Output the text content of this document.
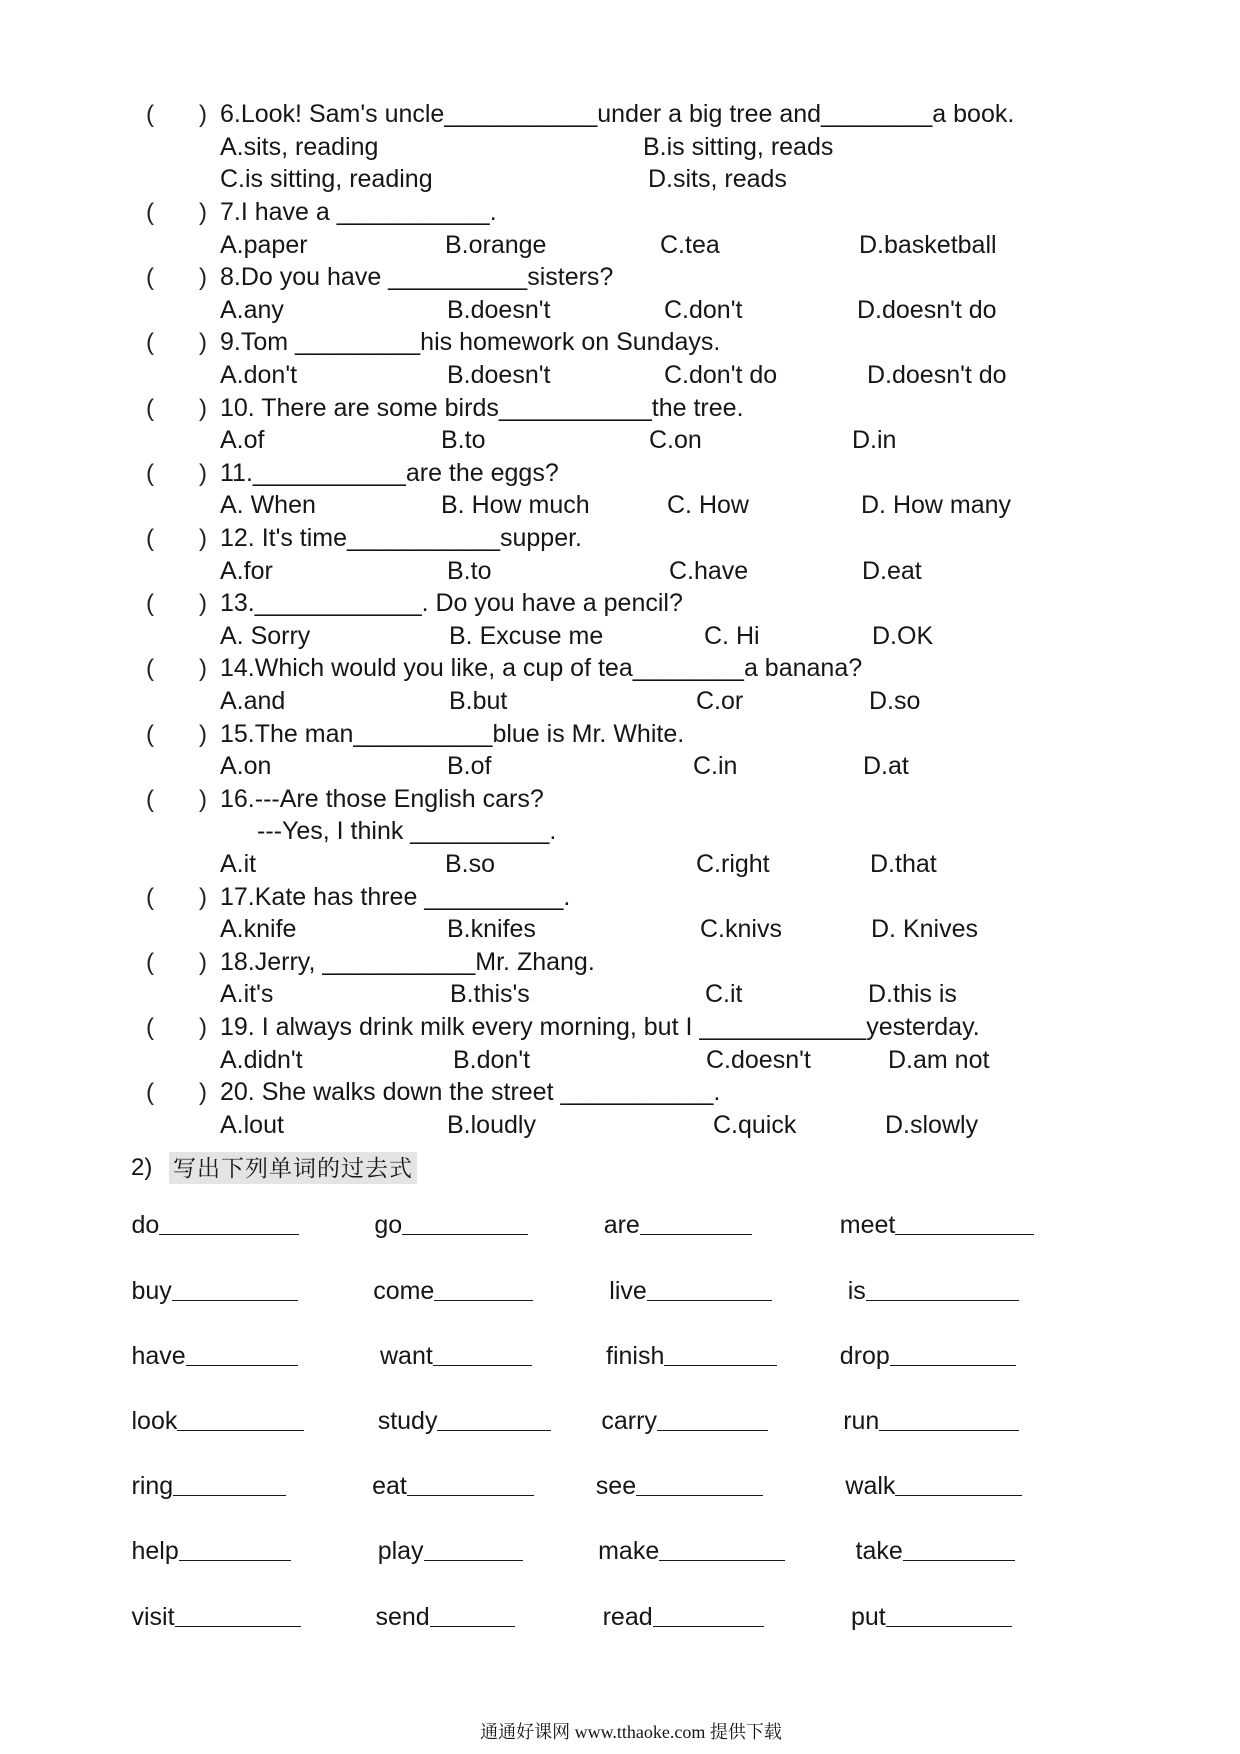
2) 写出下列单词的过去式
通通好课网 www.tthaoke.com 提供下载
( ) 6.Look! Sam's uncle___________under a big tree and________a book.
A.sits, reading	B.is sitting, reads
C.is sitting, reading	D.sits, reads
( ) 7.I have a ___________.
A.paper	B.orange	C.tea	D.basketball
( ) 8.Do you have __________sisters?
A.any	B.doesn't	C.don't	D.doesn't do
( ) 9.Tom _________his homework on Sundays.
A.don't	B.doesn't	C.don't do	D.doesn't do
( ) 10. There are some birds___________the tree.
A.of	B.to	C.on	D.in
( ) 11.___________are the eggs?
A. When	B. How much	C. How	D. How many
( ) 12. It's time___________supper.
A.for	B.to	C.have	D.eat
( ) 13.____________. Do you have a pencil?
A. Sorry	B. Excuse me	C. Hi	D.OK
( ) 14.Which would you like, a cup of tea________a banana?
A.and	B.but	C.or	D.so
( ) 15.The man__________blue is Mr. White.
A.on	B.of	C.in	D.at
( ) 16.---Are those English cars?
---Yes, I think __________.
A.it	B.so	C.right	D.that
( ) 17.Kate has three __________.
A.knife	B.knifes	C.knivs	D. Knives
( ) 18.Jerry, ___________Mr. Zhang.
A.it's	B.this's	C.it	D.this is
( ) 19. I always drink milk every morning, but I ____________yesterday.
A.didn't	B.don't	C.doesn't	D.am not
( ) 20. She walks down the street ___________.
A.lout	B.loudly	C.quick	D.slowly
do	go	are	meet
buy	come	live	is
have	want	finish	drop
look	study	carry	run
ring	eat	see	walk
help	play	make	take
visit	send	read	put
